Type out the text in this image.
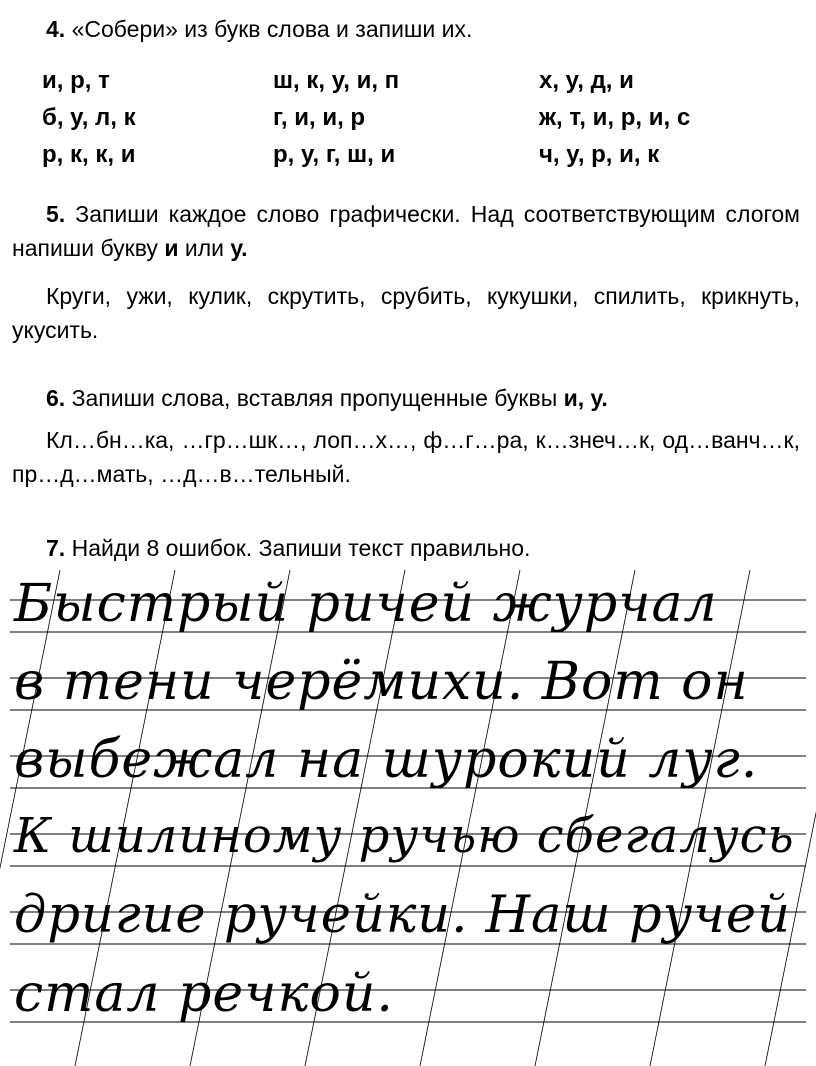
4. «Собери» из букв слова и запиши их.
и, р, т	ш, к, у, и, п	х, у, д, и
б, у, л, к	г, и, и, р	ж, т, и, р, и, с
р, к, к, и	р, у, г, ш, и	ч, у, р, и, к
5. Запиши каждое слово графически. Над соответствующим слогом напиши букву и или у.
Круги, ужи, кулик, скрутить, срубить, кукушки, спилить, крикнуть, укусить.
6. Запиши слова, вставляя пропущенные буквы и, у.
Кл…бн…ка, …гр…шк…, лоп…х…, ф…г…ра, к…знеч…к, од…ванч…к, пр…д…мать, …д…в…тельный.
7. Найди 8 ошибок. Запиши текст правильно.
Быстрый ричей журчал
в тени черёмихи. Вот он
выбежал на шурокий луг.
К шилиному ручью сбегалусь
дригие ручейки. Наш ручей
стал речкой.
